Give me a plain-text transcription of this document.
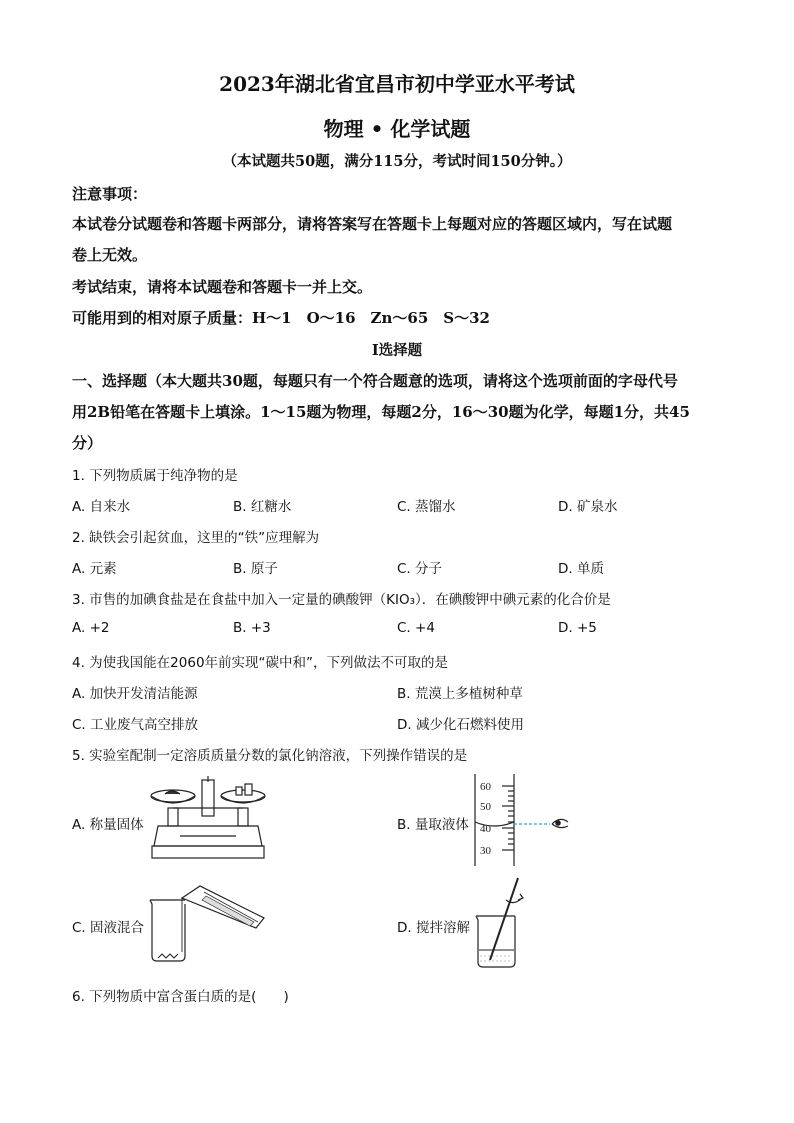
2023年湖北省宜昌市初中学亚水平考试
物理 • 化学试题
（本试题共50题，满分115分，考试时间150分钟。）
注意事项：
本试卷分试题卷和答题卡两部分，请将答案写在答题卡上每题对应的答题区域内，写在试题
卷上无效。
考试结束，请将本试题卷和答题卡一并上交。
可能用到的相对原子质量：H～1　O～16　Zn～65　S～32
Ⅰ选择题
一、选择题（本大题共30题，每题只有一个符合题意的选项，请将这个选项前面的字母代号
用2B铅笔在答题卡上填涂。1～15题为物理，每题2分，16～30题为化学，每题1分，共45
分）
1. 下列物质属于纯净物的是
A. 自来水	B. 红糖水	C. 蒸馏水	D. 矿泉水
2. 缺铁会引起贫血，这里的“铁”应理解为
A. 元素	B. 原子	C. 分子	D. 单质
3. 市售的加碘食盐是在食盐中加入一定量的碘酸钾（KIO₃）．在碘酸钾中碘元素的化合价是
A. +2	B. +3	C. +4	D. +5
4. 为使我国能在2060年前实现“碳中和”，下列做法不可取的是
A. 加快开发清洁能源	B. 荒漠上多植树种草
C. 工业废气高空排放	D. 减少化石燃料使用
5. 实验室配制一定溶质质量分数的氯化钠溶液，下列操作错误的是
A. 称量固体	B. 量取液体
C. 固液混合	D. 搅拌溶解
60
50
40
30
6. 下列物质中富含蛋白质的是(　　)
